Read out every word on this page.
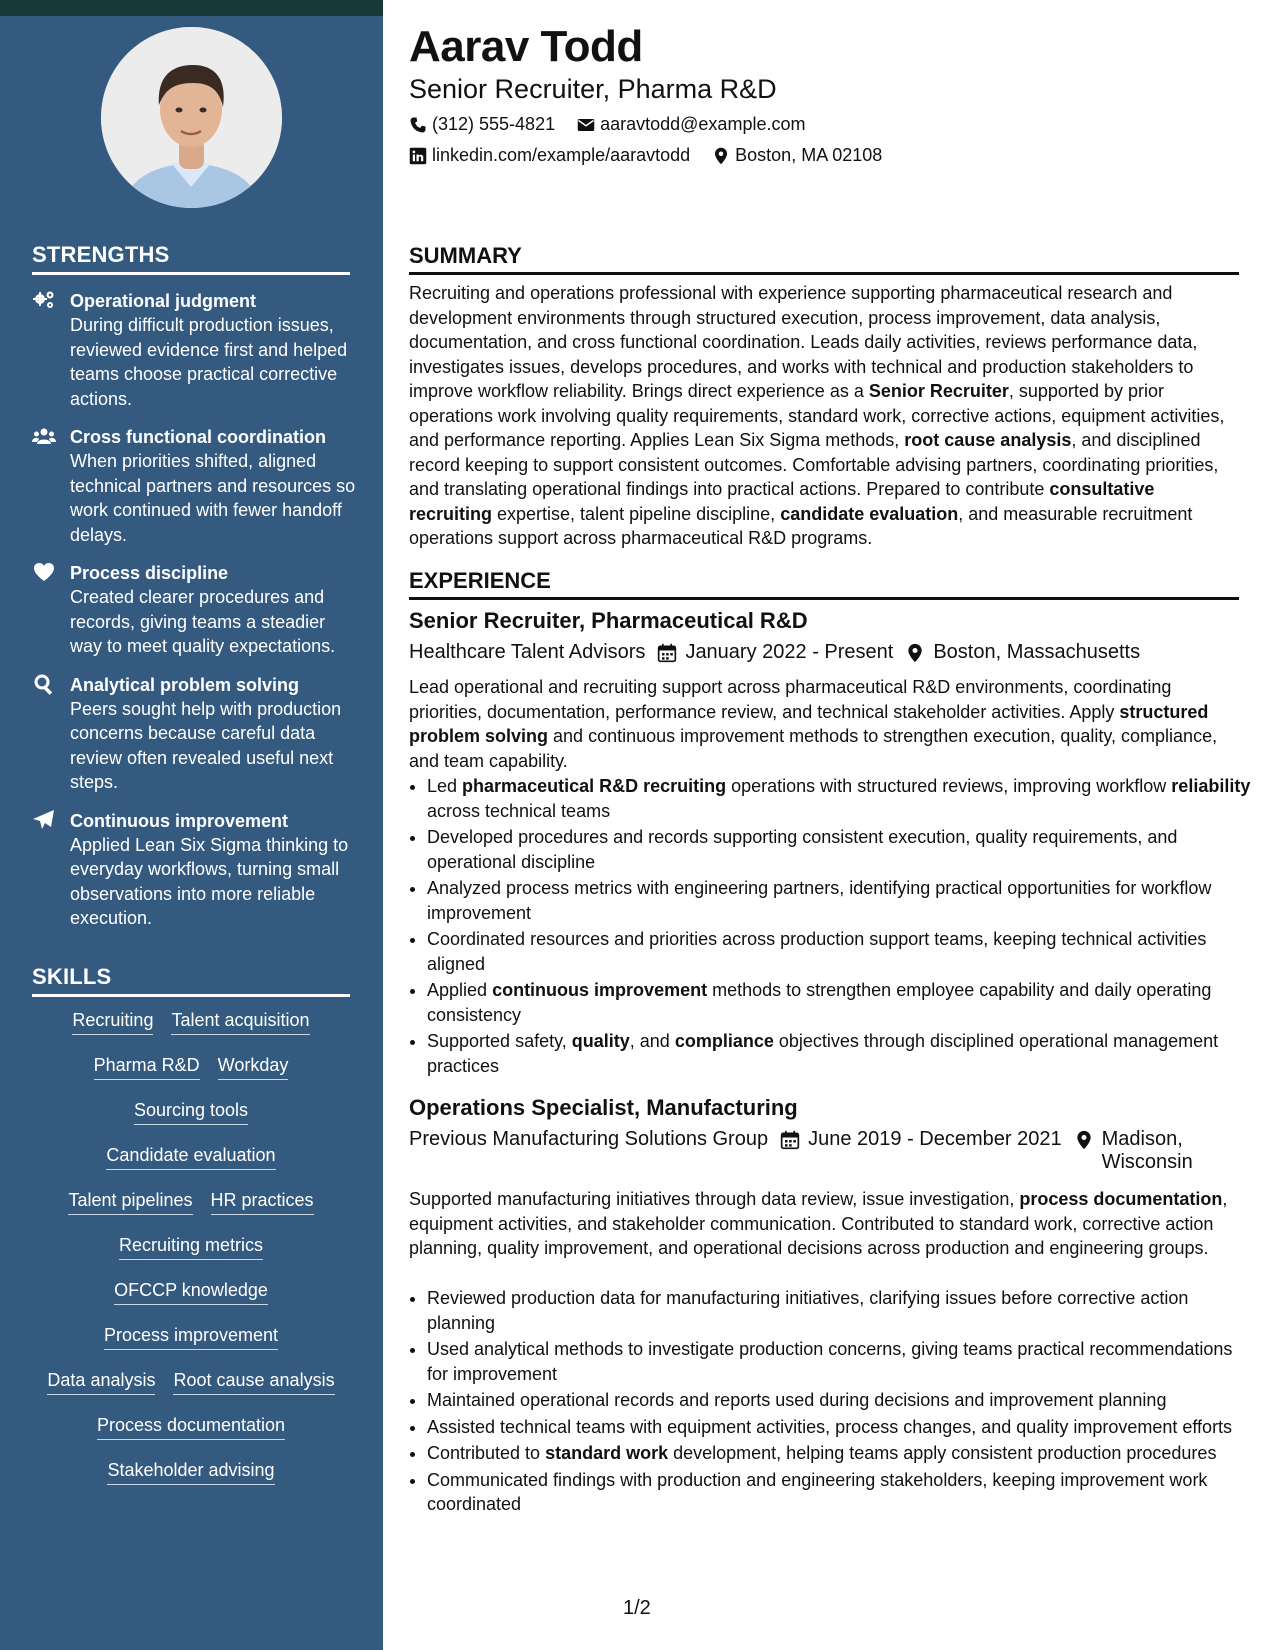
STRENGTHS
Operational judgment
During difficult production issues, reviewed evidence first and helped teams choose practical corrective actions.
Cross functional coordination
When priorities shifted, aligned technical partners and resources so work continued with fewer handoff delays.
Process discipline
Created clearer procedures and records, giving teams a steadier way to meet quality expectations.
Analytical problem solving
Peers sought help with production concerns because careful data review often revealed useful next steps.
Continuous improvement
Applied Lean Six Sigma thinking to everyday workflows, turning small observations into more reliable execution.
SKILLS
Recruiting Talent acquisition
Pharma R&D Workday
Sourcing tools
Candidate evaluation
Talent pipelines HR practices
Recruiting metrics
OFCCP knowledge
Process improvement
Data analysis Root cause analysis
Process documentation
Stakeholder advising
Aarav Todd
Senior Recruiter, Pharma R&D
(312) 555-4821	aaravtodd@example.com
linkedin.com/example/aaravtodd	Boston, MA 02108
SUMMARY
Recruiting and operations professional with experience supporting pharmaceutical research and development environments through structured execution, process improvement, data analysis, documentation, and cross functional coordination. Leads daily activities, reviews performance data, investigates issues, develops procedures, and works with technical and production stakeholders to improve workflow reliability. Brings direct experience as a Senior Recruiter, supported by prior operations work involving quality requirements, standard work, corrective actions, equipment activities, and performance reporting. Applies Lean Six Sigma methods, root cause analysis, and disciplined record keeping to support consistent outcomes. Comfortable advising partners, coordinating priorities, and translating operational findings into practical actions. Prepared to contribute consultative recruiting expertise, talent pipeline discipline, candidate evaluation, and measurable recruitment operations support across pharmaceutical R&D programs.
EXPERIENCE
Senior Recruiter, Pharmaceutical R&D
Healthcare Talent Advisors January 2022 - Present Boston, Massachusetts
Lead operational and recruiting support across pharmaceutical R&D environments, coordinating priorities, documentation, performance review, and technical stakeholder activities. Apply structured problem solving and continuous improvement methods to strengthen execution, quality, compliance, and team capability.
• Led pharmaceutical R&D recruiting operations with structured reviews, improving workflow reliability across technical teams
• Developed procedures and records supporting consistent execution, quality requirements, and operational discipline
• Analyzed process metrics with engineering partners, identifying practical opportunities for workflow improvement
• Coordinated resources and priorities across production support teams, keeping technical activities aligned
• Applied continuous improvement methods to strengthen employee capability and daily operating consistency
• Supported safety, quality, and compliance objectives through disciplined operational management practices
Operations Specialist, Manufacturing
Previous Manufacturing Solutions Group June 2019 - December 2021 Madison, Wisconsin
Supported manufacturing initiatives through data review, issue investigation, process documentation, equipment activities, and stakeholder communication. Contributed to standard work, corrective action planning, quality improvement, and operational decisions across production and engineering groups.
• Reviewed production data for manufacturing initiatives, clarifying issues before corrective action planning
• Used analytical methods to investigate production concerns, giving teams practical recommendations for improvement
• Maintained operational records and reports used during decisions and improvement planning
• Assisted technical teams with equipment activities, process changes, and quality improvement efforts
• Contributed to standard work development, helping teams apply consistent production procedures
• Communicated findings with production and engineering stakeholders, keeping improvement work coordinated
1/2
